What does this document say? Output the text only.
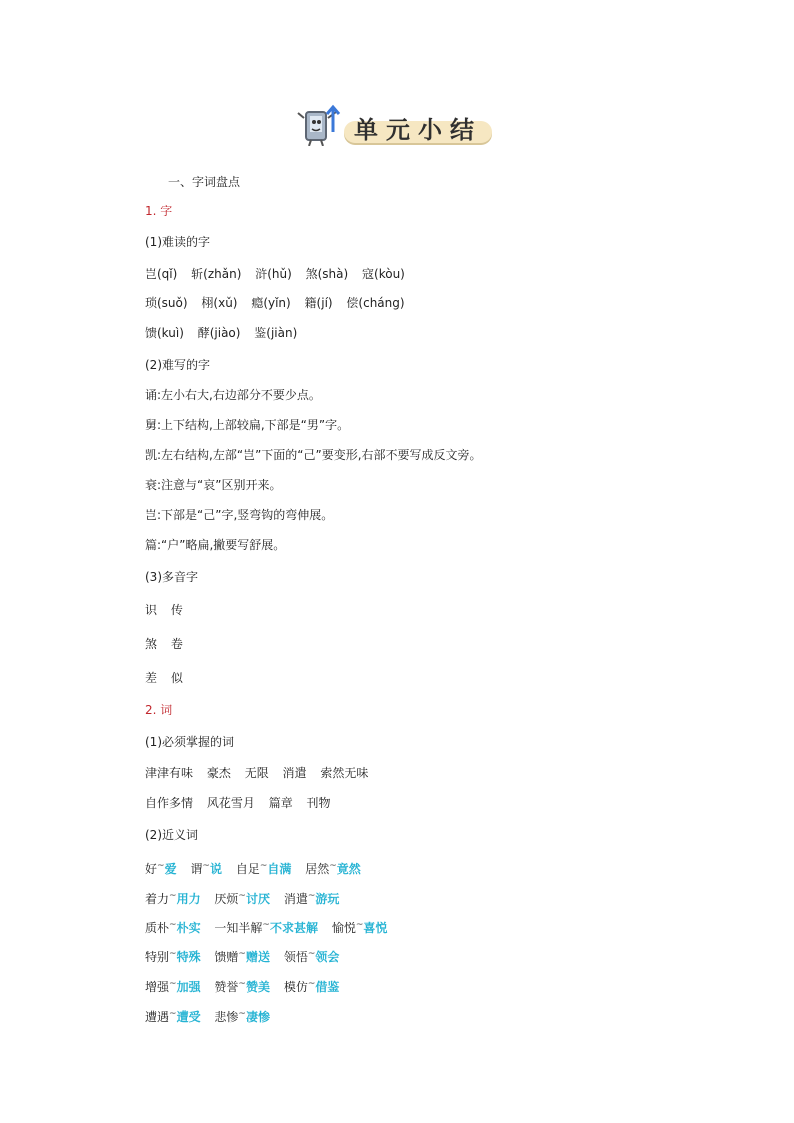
单元小结
一、字词盘点
1. 字
(1)难读的字
岂(qǐ) 斩(zhǎn) 浒(hǔ) 煞(shà) 寇(kòu)
琐(suǒ) 栩(xǔ) 瘾(yǐn) 籍(jí) 偿(cháng)
馈(kuì) 酵(jiào) 鉴(jiàn)
(2)难写的字
诵:左小右大,右边部分不要少点。
舅:上下结构,上部较扁,下部是“男”字。
凯:左右结构,左部“岂”下面的“己”要变形,右部不要写成反文旁。
衰:注意与“哀”区别开来。
岂:下部是“己”字,竖弯钩的弯伸展。
篇:“户”略扁,撇要写舒展。
(3)多音字
识 传
煞 卷
差 似
2. 词
(1)必须掌握的词
津津有味 豪杰 无限 消遣 索然无味
自作多情 风花雪月 篇章 刊物
(2)近义词
好~爱 谓~说 自足~自满 居然~竟然
着力~用力 厌烦~讨厌 消遣~游玩
质朴~朴实 一知半解~不求甚解 愉悦~喜悦
特别~特殊 馈赠~赠送 领悟~领会
增强~加强 赞誉~赞美 模仿~借鉴
遭遇~遭受 悲惨~凄惨
